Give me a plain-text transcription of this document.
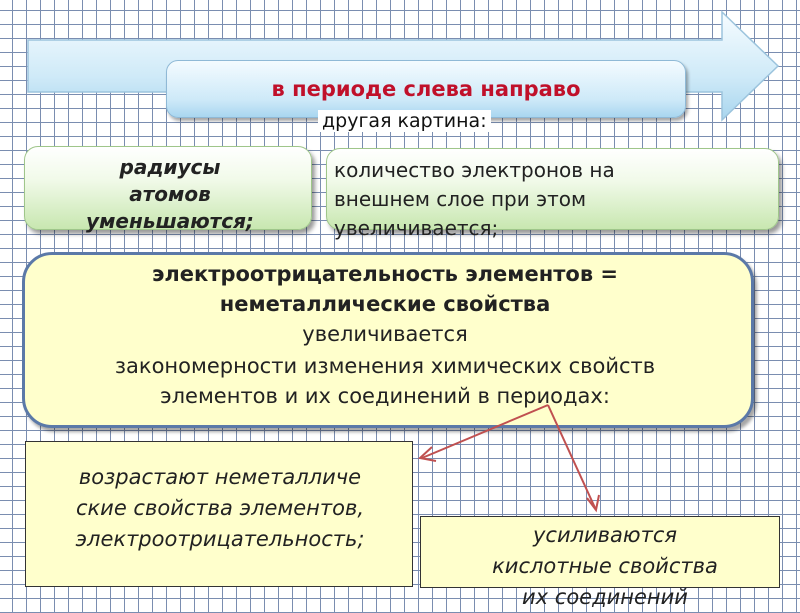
в периоде слева направо
другая картина:
радиусы
атомов
уменьшаются;
количество электронов на
внешнем слое при этом
увеличивается;
электроотрицательность элементов =
неметаллические свойства
увеличивается
закономерности изменения химических свойств
элементов и их соединений в периодах:
возрастают неметалличе
ские свойства элементов,
электроотрицательность;	усиливаются
кислотные свойства
их соединений
